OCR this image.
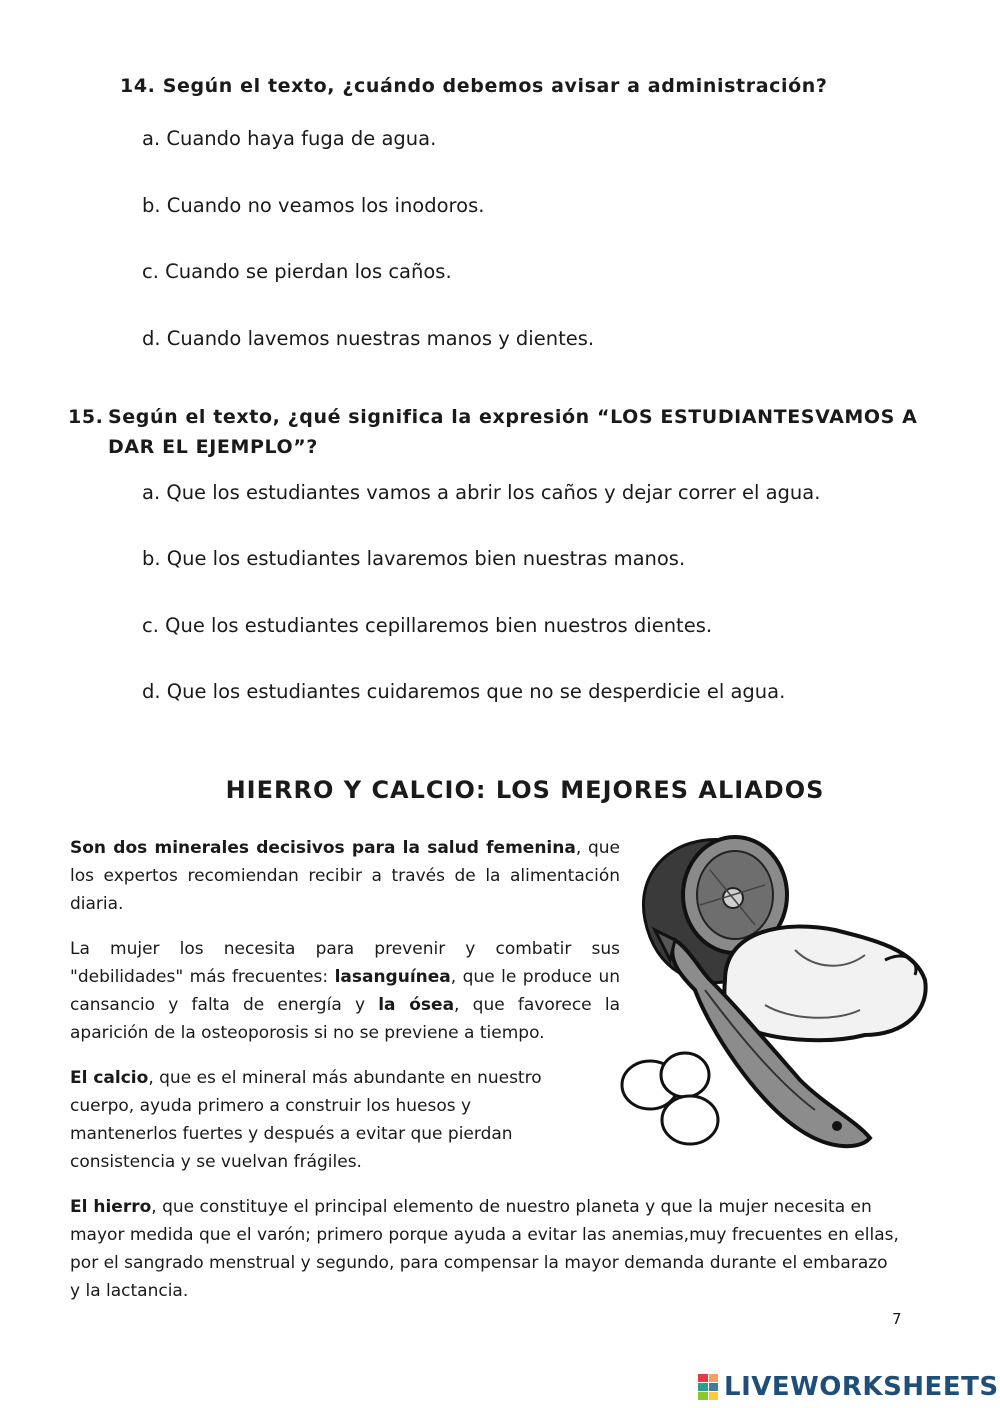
14. Según el texto, ¿cuándo debemos avisar a administración?
a. Cuando haya fuga de agua.
b. Cuando no veamos los inodoros.
c. Cuando se pierdan los caños.
d. Cuando lavemos nuestras manos y dientes.
15. Según el texto, ¿qué significa la expresión “LOS ESTUDIANTESVAMOS A DAR EL EJEMPLO”?
a. Que los estudiantes vamos a abrir los caños y dejar correr el agua.
b. Que los estudiantes lavaremos bien nuestras manos.
c. Que los estudiantes cepillaremos bien nuestros dientes.
d. Que los estudiantes cuidaremos que no se desperdicie el agua.
HIERRO Y CALCIO: LOS MEJORES ALIADOS
Son dos minerales decisivos para la salud femenina, que los expertos recomiendan recibir a través de la alimentación diaria.
La mujer los necesita para prevenir y combatir sus "debilidades" más frecuentes: lasanguínea, que le produce un cansancio y falta de energía y la ósea, que favorece la aparición de la osteoporosis si no se previene a tiempo.
El calcio, que es el mineral más abundante en nuestro
cuerpo, ayuda primero a construir los huesos y
mantenerlos fuertes y después a evitar que pierdan
consistencia y se vuelvan frágiles.
El hierro, que constituye el principal elemento de nuestro planeta y que la mujer necesita en mayor medida que el varón; primero porque ayuda a evitar las anemias,muy frecuentes en ellas, por el sangrado menstrual y segundo, para compensar la mayor demanda durante el embarazo y la lactancia.
7
LIVEWORKSHEETS
